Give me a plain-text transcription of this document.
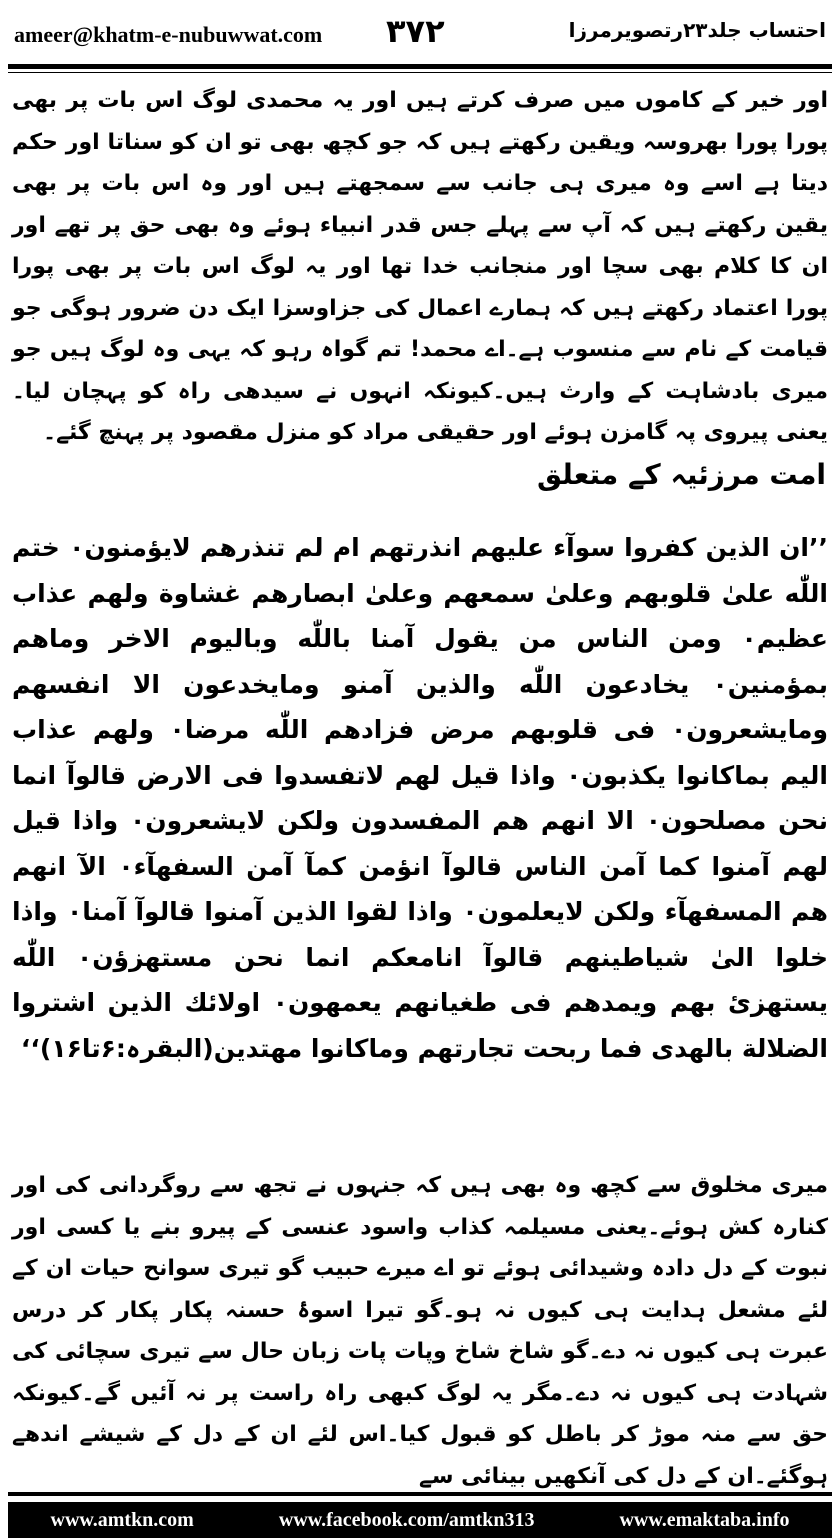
ameer@khatm-e-nubuwwat.com ۳۷۲	احتساب جلد۲۳رتصویرمرزا
اور خیر کے کاموں میں صرف کرتے ہیں اور یہ محمدی لوگ اس بات پر بھی پورا پورا بھروسہ ویقین رکھتے ہیں کہ جو کچھ بھی تو ان کو سناتا اور حکم دیتا ہے اسے وہ میری ہی جانب سے سمجھتے ہیں اور وہ اس بات پر بھی یقین رکھتے ہیں کہ آپ سے پہلے جس قدر انبیاء ہوئے وہ بھی حق پر تھے اور ان کا کلام بھی سچا اور منجانب خدا تھا اور یہ لوگ اس بات پر بھی پورا پورا اعتماد رکھتے ہیں کہ ہمارے اعمال کی جزاوسزا ایک دن ضرور ہوگی جو قیامت کے نام سے منسوب ہے۔اے محمد! تم گواہ رہو کہ یہی وہ لوگ ہیں جو میری بادشاہت کے وارث ہیں۔کیونکہ انہوں نے سیدھی راہ کو پہچان لیا۔یعنی پیروی پہ گامزن ہوئے اور حقیقی مراد کو منزل مقصود پر پہنچ گئے۔
امت مرزئیہ کے متعلق
’’ان الذین کفروا سوآء علیهم انذرتهم ام لم تنذرهم لایؤمنون۰ ختم اللّٰه علیٰ قلوبهم وعلیٰ سمعهم وعلیٰ ابصارهم غشاوة ولهم عذاب عظیم۰ ومن الناس من یقول آمنا باللّٰه وبالیوم الاخر وماهم بمؤمنین۰ یخادعون اللّٰه والذین آمنو ومایخدعون الا انفسهم ومایشعرون۰ فی قلوبهم مرض فزادهم اللّٰه مرضا۰ ولهم عذاب الیم بماکانوا یکذبون۰ واذا قیل لهم لاتفسدوا فی الارض قالوآ انما نحن مصلحون۰ الا انهم هم المفسدون ولکن لایشعرون۰ واذا قیل لهم آمنوا کما آمن الناس قالوآ انؤمن کمآ آمن السفهآء۰ الآ انهم هم المسفهآء ولکن لایعلمون۰ واذا لقوا الذین آمنوا قالوآ آمنا۰ واذا خلوا الیٰ شیاطینهم قالوآ انامعکم انما نحن مستهزؤن۰ اللّٰه یستهزئ بهم ویمدهم فی طغیانهم یعمهون۰ اولائك الذین اشتروا الضلالة بالهدی فما ربحت تجارتهم وماکانوا مهتدین(البقرہ:۶تا۱۶)‘‘
میری مخلوق سے کچھ وہ بھی ہیں کہ جنہوں نے تجھ سے روگردانی کی اور کنارہ کش ہوئے۔یعنی مسیلمہ کذاب واسود عنسی کے پیرو بنے یا کسی اور نبوت کے دل دادہ وشیدائی ہوئے تو اے میرے حبیب گو تیری سوانح حیات ان کے لئے مشعل ہدایت ہی کیوں نہ ہو۔گو تیرا اسوۂ حسنہ پکار پکار کر درس عبرت ہی کیوں نہ دے۔گو شاخ شاخ وپات پات زبان حال سے تیری سچائی کی شہادت ہی کیوں نہ دے۔مگر یہ لوگ کبھی راہ راست پر نہ آئیں گے۔کیونکہ حق سے منہ موڑ کر باطل کو قبول کیا۔اس لئے ان کے دل کے شیشے اندھے ہوگئے۔ان کے دل کی آنکھیں بینائی سے
www.amtkn.com	www.facebook.com/amtkn313	www.emaktaba.info
